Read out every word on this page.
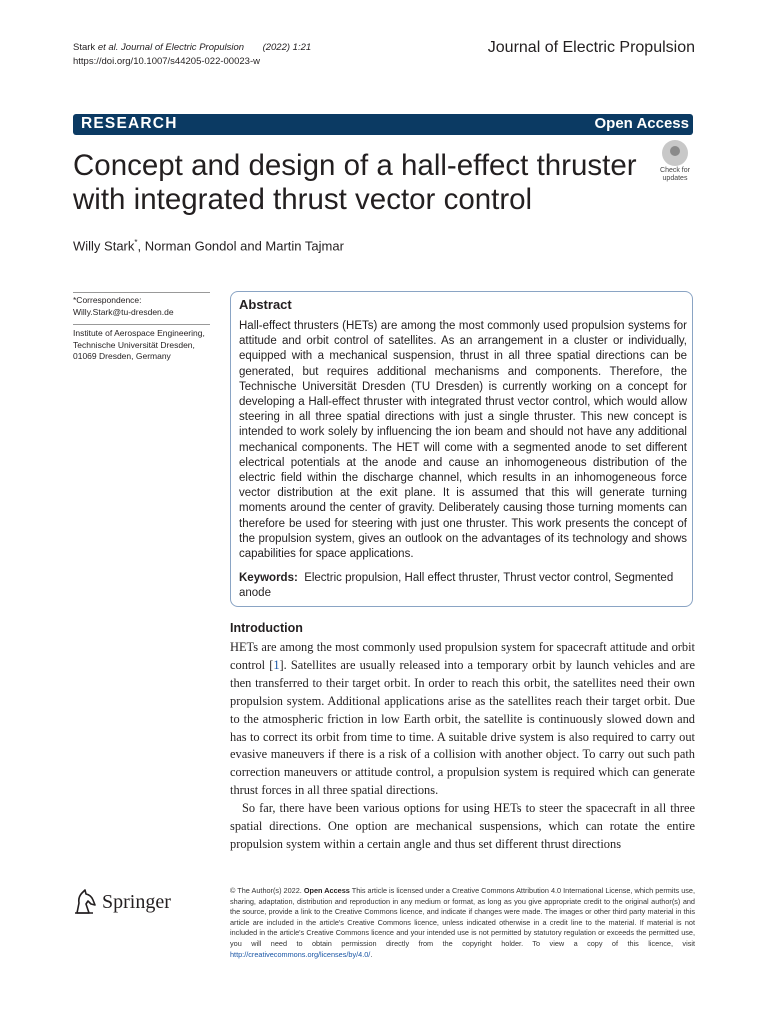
Stark et al. Journal of Electric Propulsion (2022) 1:21
https://doi.org/10.1007/s44205-022-00023-w
Journal of Electric Propulsion
RESEARCH	Open Access
Concept and design of a hall-effect thruster with integrated thrust vector control
Check for
updates
Willy Stark*, Norman Gondol and Martin Tajmar
*Correspondence:
Willy.Stark@tu-dresden.de
Institute of Aerospace Engineering, Technische Universität Dresden, 01069 Dresden, Germany
Abstract
Hall-effect thrusters (HETs) are among the most commonly used propulsion systems for attitude and orbit control of satellites. As an arrangement in a cluster or individually, equipped with a mechanical suspension, thrust in all three spatial directions can be generated, but requires additional mechanisms and components. Therefore, the Technische Universität Dresden (TU Dresden) is currently working on a concept for developing a Hall-effect thruster with integrated thrust vector control, which would allow steering in all three spatial directions with just a single thruster. This new concept is intended to work solely by influencing the ion beam and should not have any additional mechanical components. The HET will come with a segmented anode to set different electrical potentials at the anode and cause an inhomogeneous distribution of the electric field within the discharge channel, which results in an inhomogeneous force vector distribution at the exit plane. It is assumed that this will generate turning moments around the center of gravity. Deliberately causing those turning moments can therefore be used for steering with just one thruster. This work presents the concept of the propulsion system, gives an outlook on the advantages of its technology and shows capabilities for space applications.
Keywords: Electric propulsion, Hall effect thruster, Thrust vector control, Segmented anode
Introduction

HETs are among the most commonly used propulsion system for spacecraft attitude and orbit control [1]. Satellites are usually released into a temporary orbit by launch vehicles and are then transferred to their target orbit. In order to reach this orbit, the satellites need their own propulsion system. Additional applications arise as the satellites reach their target orbit. Due to the atmospheric friction in low Earth orbit, the satellite is continuously slowed down and has to correct its orbit from time to time. A suitable drive system is also required to carry out evasive maneuvers if there is a risk of a collision with another object. To carry out such path correction maneuvers or attitude control, a propulsion system is required which can generate thrust forces in all three spatial directions.

So far, there have been various options for using HETs to steer the spacecraft in all three spatial directions. One option are mechanical suspensions, which can rotate the entire propulsion system within a certain angle and thus set different thrust directions

Springer
© The Author(s) 2022. Open Access This article is licensed under a Creative Commons Attribution 4.0 International License, which permits use, sharing, adaptation, distribution and reproduction in any medium or format, as long as you give appropriate credit to the original author(s) and the source, provide a link to the Creative Commons licence, and indicate if changes were made. The images or other third party material in this article are included in the article's Creative Commons licence, unless indicated otherwise in a credit line to the material. If material is not included in the article's Creative Commons licence and your intended use is not permitted by statutory regulation or exceeds the permitted use, you will need to obtain permission directly from the copyright holder. To view a copy of this licence, visit http://creativecommons.org/licenses/by/4.0/.
